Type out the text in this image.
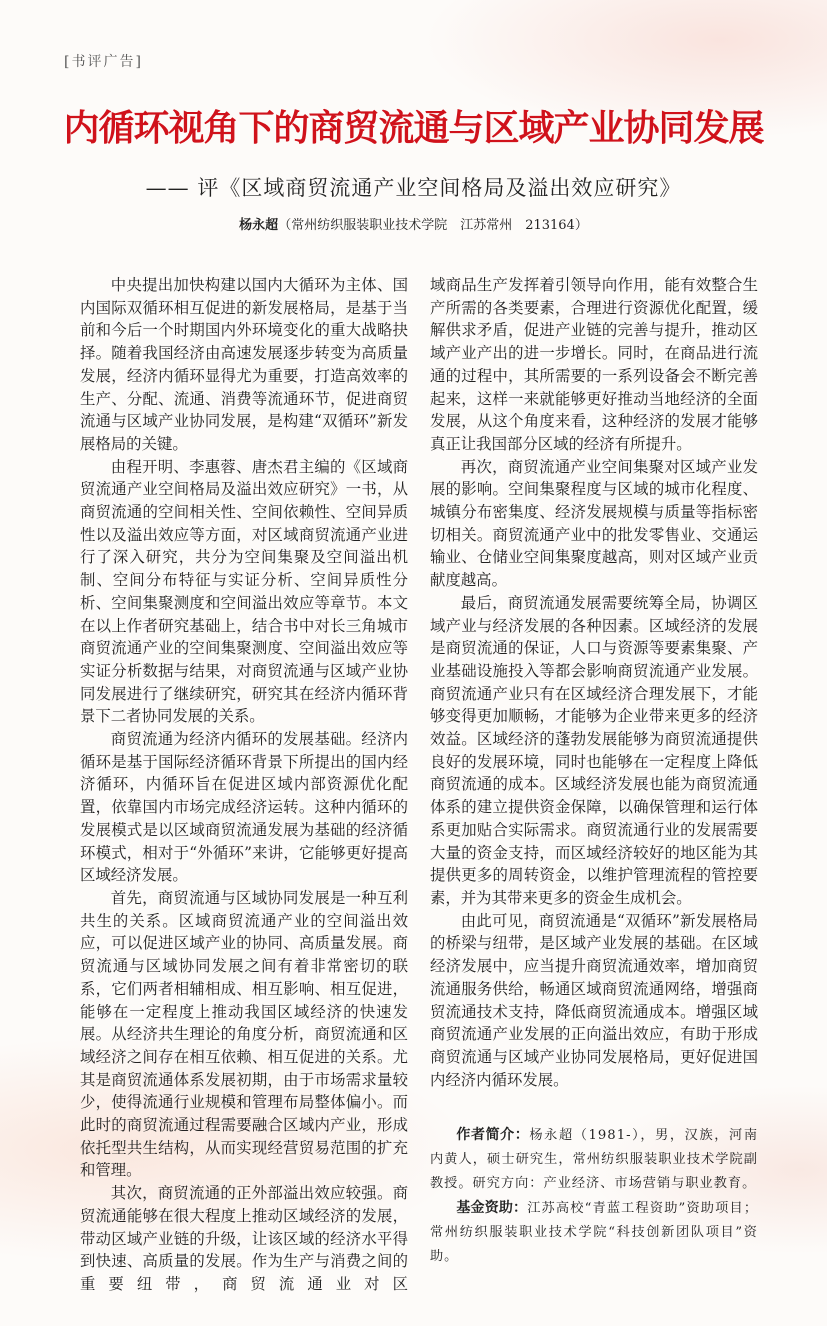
[书评广告]
内循环视角下的商贸流通与区域产业协同发展
—— 评《区域商贸流通产业空间格局及溢出效应研究》
杨永超（常州纺织服装职业技术学院　江苏常州　213164）

中央提出加快构建以国内大循环为主体、国内国际双循环相互促进的新发展格局，是基于当前和今后一个时期国内外环境变化的重大战略抉择。随着我国经济由高速发展逐步转变为高质量发展，经济内循环显得尤为重要，打造高效率的生产、分配、流通、消费等流通环节，促进商贸流通与区域产业协同发展，是构建“双循环”新发展格局的关键。

由程开明、李惠蓉、唐杰君主编的《区域商贸流通产业空间格局及溢出效应研究》一书，从商贸流通的空间相关性、空间依赖性、空间异质性以及溢出效应等方面，对区域商贸流通产业进行了深入研究，共分为空间集聚及空间溢出机制、空间分布特征与实证分析、空间异质性分析、空间集聚测度和空间溢出效应等章节。本文在以上作者研究基础上，结合书中对长三角城市商贸流通产业的空间集聚测度、空间溢出效应等实证分析数据与结果，对商贸流通与区域产业协同发展进行了继续研究，研究其在经济内循环背景下二者协同发展的关系。

商贸流通为经济内循环的发展基础。经济内循环是基于国际经济循环背景下所提出的国内经济循环，内循环旨在促进区域内部资源优化配置，依靠国内市场完成经济运转。这种内循环的发展模式是以区域商贸流通发展为基础的经济循环模式，相对于“外循环”来讲，它能够更好提高区域经济发展。

首先，商贸流通与区域协同发展是一种互利共生的关系。区域商贸流通产业的空间溢出效应，可以促进区域产业的协同、高质量发展。商贸流通与区域协同发展之间有着非常密切的联系，它们两者相辅相成、相互影响、相互促进，能够在一定程度上推动我国区域经济的快速发展。从经济共生理论的角度分析，商贸流通和区域经济之间存在相互依赖、相互促进的关系。尤其是商贸流通体系发展初期，由于市场需求量较少，使得流通行业规模和管理布局整体偏小。而此时的商贸流通过程需要融合区域内产业，形成依托型共生结构，从而实现经营贸易范围的扩充和管理。

其次，商贸流通的正外部溢出效应较强。商贸流通能够在很大程度上推动区域经济的发展，带动区域产业链的升级，让该区域的经济水平得到快速、高质量的发展。作为生产与消费之间的重要纽带，商贸流通业对区

域商品生产发挥着引领导向作用，能有效整合生产所需的各类要素，合理进行资源优化配置，缓解供求矛盾，促进产业链的完善与提升，推动区域产业产出的进一步增长。同时，在商品进行流通的过程中，其所需要的一系列设备会不断完善起来，这样一来就能够更好推动当地经济的全面发展，从这个角度来看，这种经济的发展才能够真正让我国部分区域的经济有所提升。

再次，商贸流通产业空间集聚对区域产业发展的影响。空间集聚程度与区域的城市化程度、城镇分布密集度、经济发展规模与质量等指标密切相关。商贸流通产业中的批发零售业、交通运输业、仓储业空间集聚度越高，则对区域产业贡献度越高。

最后，商贸流通发展需要统筹全局，协调区域产业与经济发展的各种因素。区域经济的发展是商贸流通的保证，人口与资源等要素集聚、产业基础设施投入等都会影响商贸流通产业发展。商贸流通产业只有在区域经济合理发展下，才能够变得更加顺畅，才能够为企业带来更多的经济效益。区域经济的蓬勃发展能够为商贸流通提供良好的发展环境，同时也能够在一定程度上降低商贸流通的成本。区域经济发展也能为商贸流通体系的建立提供资金保障，以确保管理和运行体系更加贴合实际需求。商贸流通行业的发展需要大量的资金支持，而区域经济较好的地区能为其提供更多的周转资金，以维护管理流程的管控要素，并为其带来更多的资金生成机会。

由此可见，商贸流通是“双循环”新发展格局的桥梁与纽带，是区域产业发展的基础。在区域经济发展中，应当提升商贸流通效率，增加商贸流通服务供给，畅通区域商贸流通网络，增强商贸流通技术支持，降低商贸流通成本。增强区域商贸流通产业发展的正向溢出效应，有助于形成商贸流通与区域产业协同发展格局，更好促进国内经济内循环发展。

作者简介：杨永超（1981-），男，汉族，河南内黄人，硕士研究生，常州纺织服装职业技术学院副教授。研究方向：产业经济、市场营销与职业教育。

基金资助：江苏高校“青蓝工程资助”资助项目；常州纺织服装职业技术学院“科技创新团队项目”资助。
